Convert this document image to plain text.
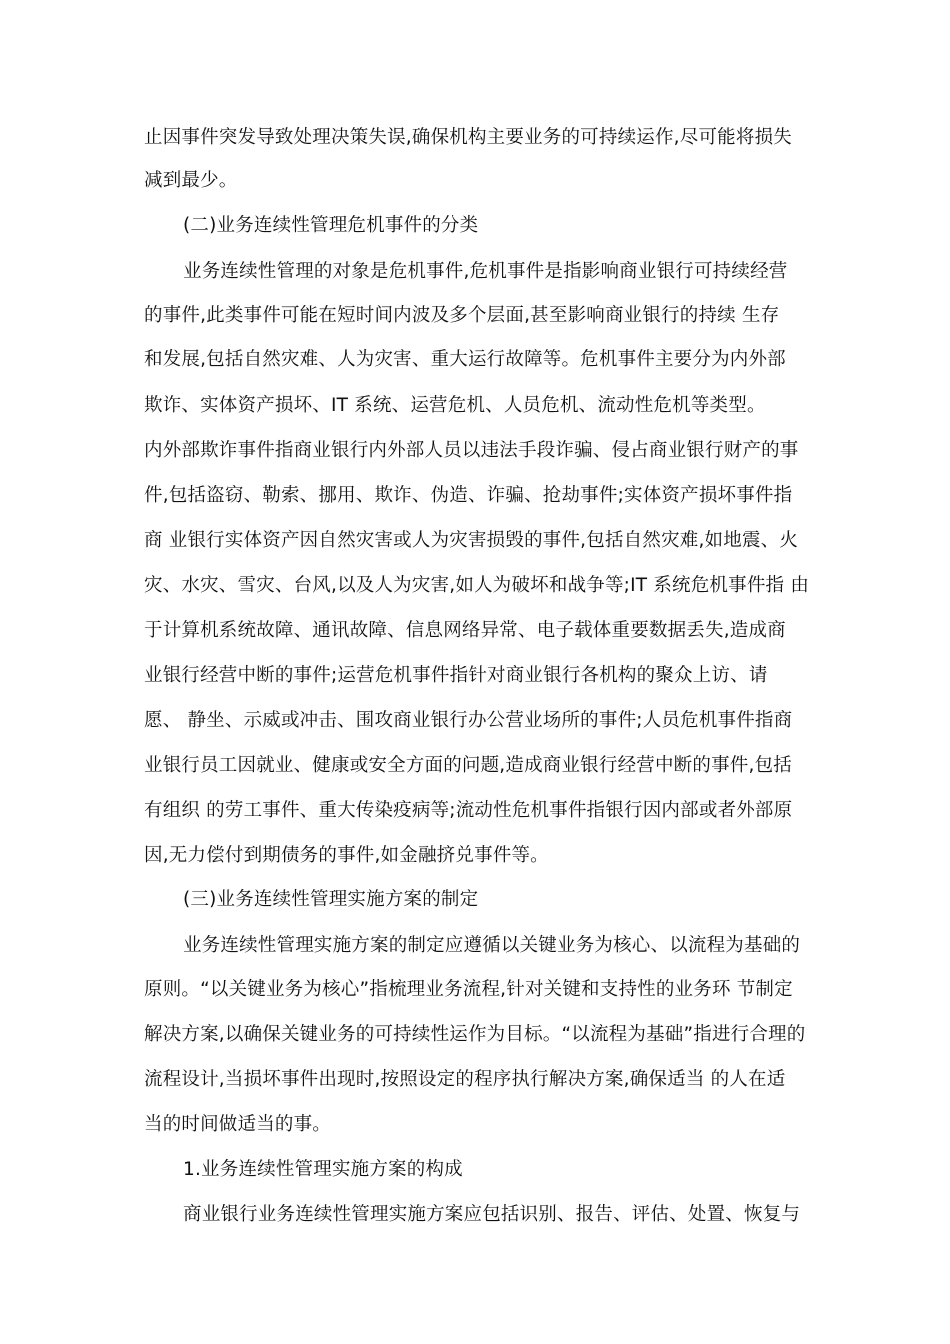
止因事件突发导致处理决策失误,确保机构主要业务的可持续运作,尽可能将损失
减到最少。
(二)业务连续性管理危机事件的分类
业务连续性管理的对象是危机事件,危机事件是指影响商业银行可持续经营
的事件,此类事件可能在短时间内波及多个层面,甚至影响商业银行的持续 生存
和发展,包括自然灾难、人为灾害、重大运行故障等。危机事件主要分为内外部
欺诈、实体资产损坏、IT 系统、运营危机、人员危机、流动性危机等类型。
内外部欺诈事件指商业银行内外部人员以违法手段诈骗、侵占商业银行财产的事
件,包括盗窃、勒索、挪用、欺诈、伪造、诈骗、抢劫事件;实体资产损坏事件指
商 业银行实体资产因自然灾害或人为灾害损毁的事件,包括自然灾难,如地震、火
灾、水灾、雪灾、台风,以及人为灾害,如人为破坏和战争等;IT 系统危机事件指 由
于计算机系统故障、通讯故障、信息网络异常、电子载体重要数据丢失,造成商
业银行经营中断的事件;运营危机事件指针对商业银行各机构的聚众上访、请
愿、 静坐、示威或冲击、围攻商业银行办公营业场所的事件;人员危机事件指商
业银行员工因就业、健康或安全方面的问题,造成商业银行经营中断的事件,包括
有组织 的劳工事件、重大传染疫病等;流动性危机事件指银行因内部或者外部原
因,无力偿付到期债务的事件,如金融挤兑事件等。
(三)业务连续性管理实施方案的制定
业务连续性管理实施方案的制定应遵循以关键业务为核心、以流程为基础的
原则。“以关键业务为核心”指梳理业务流程,针对关键和支持性的业务环 节制定
解决方案,以确保关键业务的可持续性运作为目标。“以流程为基础”指进行合理的
流程设计,当损坏事件出现时,按照设定的程序执行解决方案,确保适当 的人在适
当的时间做适当的事。
1.业务连续性管理实施方案的构成
商业银行业务连续性管理实施方案应包括识别、报告、评估、处置、恢复与
